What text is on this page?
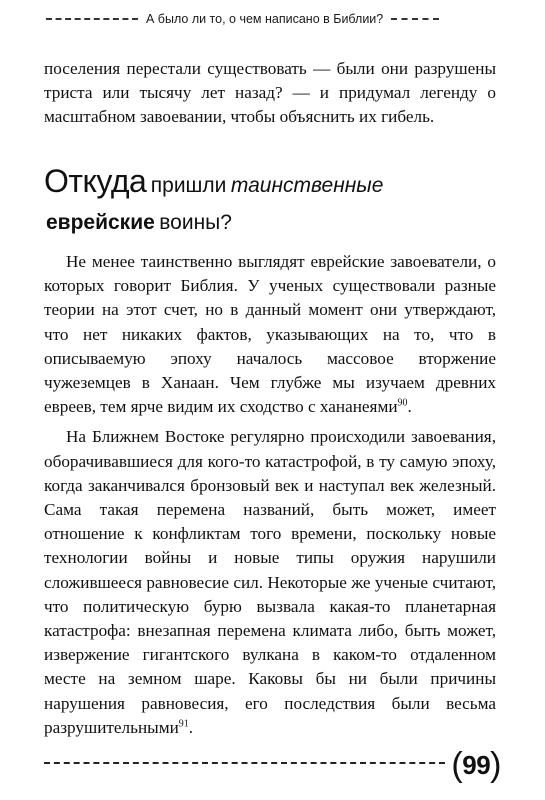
А было ли то, о чем написано в Библии?

поселения перестали существовать — были они разрушены триста или тысячу лет назад? — и придумал легенду о масштабном завоевании, чтобы объяснить их гибель.

Откуда пришли таинственные
еврейские воины?

Не менее таинственно выглядят еврейские завоеватели, о которых говорит Библия. У ученых существовали разные теории на этот счет, но в данный момент они утверждают, что нет никаких фактов, указывающих на то, что в описываемую эпоху началось массовое вторжение чужеземцев в Ханаан. Чем глубже мы изучаем древних евреев, тем ярче видим их сходство с хананеями$^{90}$.

На Ближнем Востоке регулярно происходили завоевания, оборачивавшиеся для кого-то катастрофой, в ту самую эпоху, когда заканчивался бронзовый век и наступал век железный. Сама такая перемена названий, быть может, имеет отношение к конфликтам того времени, поскольку новые технологии войны и новые типы оружия нарушили сложившееся равновесие сил. Некоторые же ученые считают, что политическую бурю вызвала какая-то планетарная катастрофа: внезапная перемена климата либо, быть может, извержение гигантского вулкана в каком-то отдаленном месте на земном шаре. Каковы бы ни были причины нарушения равновесия, его последствия были весьма разрушительными$^{91}$.

(99)
